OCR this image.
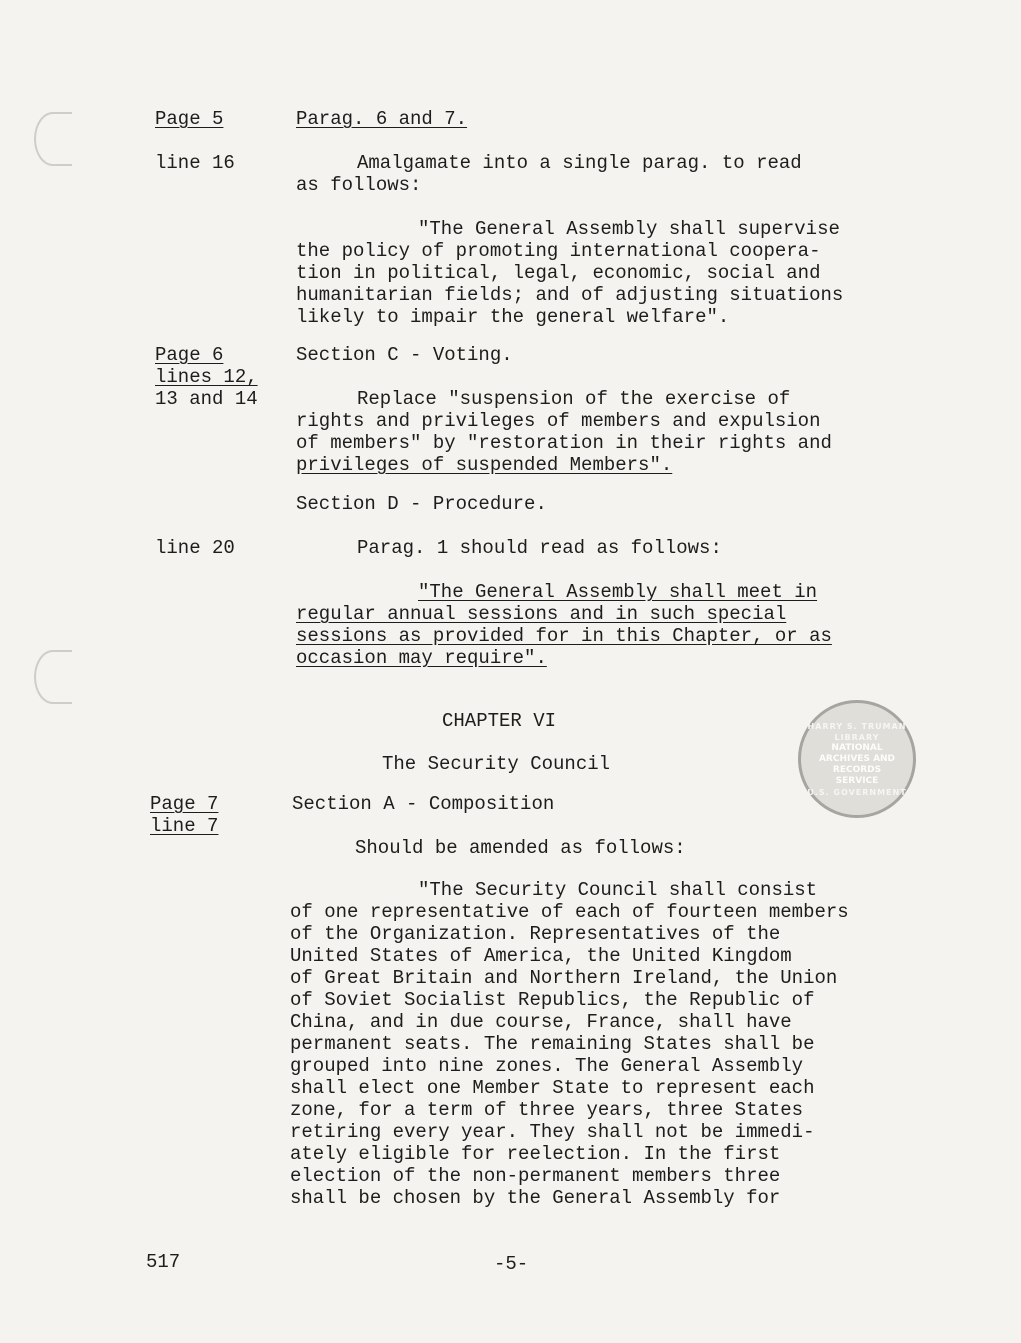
Page 5

line 16

Page 6

lines 12,

13 and 14

line 20

Page 7

line 7

Parag. 6 and 7.

Amalgamate into a single parag. to read

as follows:

"The General Assembly shall supervise

the policy of promoting international coopera-

tion in political, legal, economic, social and

humanitarian fields; and of adjusting situations

likely to impair the general welfare".

Section C - Voting.

Replace "suspension of the exercise of

rights and privileges of members and expulsion

of members" by "restoration in their rights and

privileges of suspended Members".

Section D - Procedure.

Parag. 1 should read as follows:

"The General Assembly shall meet in

regular annual sessions and in such special

sessions as provided for in this Chapter, or as

occasion may require".

CHAPTER VI

The Security Council

Section A - Composition

Should be amended as follows:

"The Security Council shall consist

of one representative of each of fourteen members

of the Organization. Representatives of the

United States of America, the United Kingdom

of Great Britain and Northern Ireland, the Union

of Soviet Socialist Republics, the Republic of

China, and in due course, France, shall have

permanent seats. The remaining States shall be

grouped into nine zones. The General Assembly

shall elect one Member State to represent each

zone, for a term of three years, three States

retiring every year. They shall not be immedi-

ately eligible for reelection. In the first

election of the non-permanent members three

shall be chosen by the General Assembly for

517	-5-

HARRY S. TRUMAN LIBRARY
NATIONAL
ARCHIVES AND
RECORDS
SERVICE
U.S. GOVERNMENT
